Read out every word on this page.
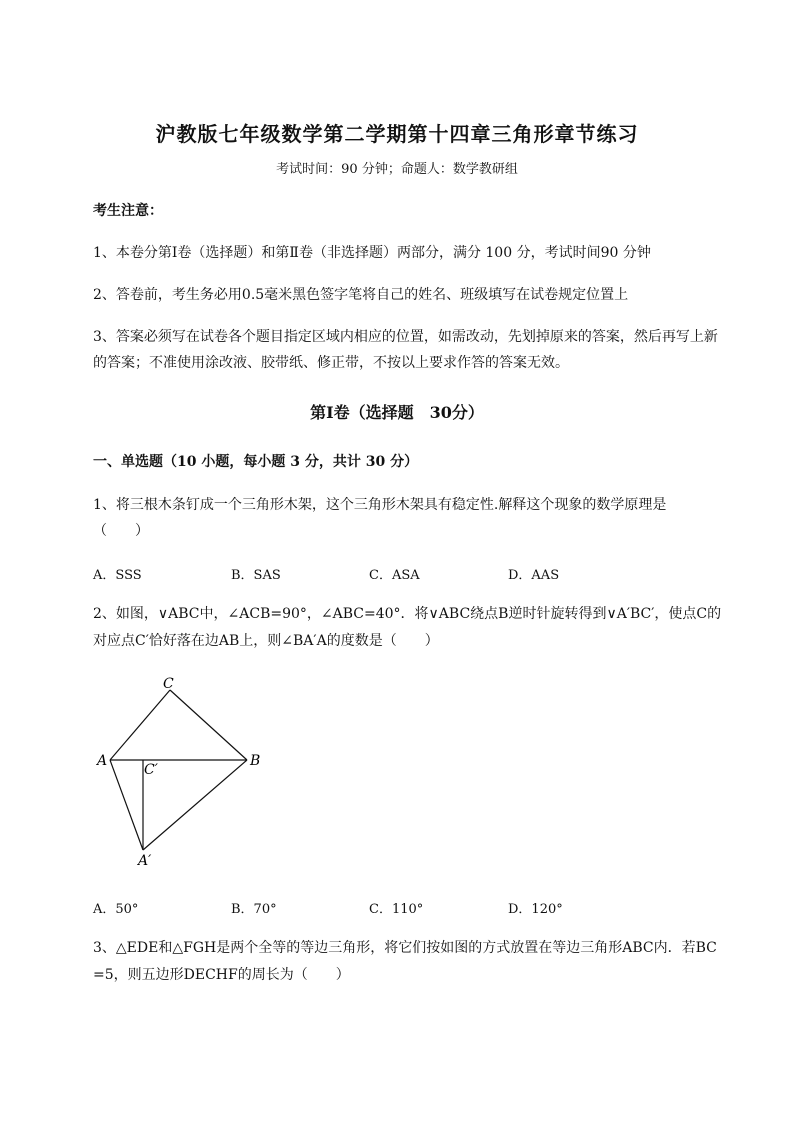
沪教版七年级数学第二学期第十四章三角形章节练习
考试时间：90 分钟；命题人：数学教研组
考生注意：
1、本卷分第Ⅰ卷（选择题）和第Ⅱ卷（非选择题）两部分，满分 100 分，考试时间90 分钟
2、答卷前，考生务必用0.5毫米黑色签字笔将自己的姓名、班级填写在试卷规定位置上
3、答案必须写在试卷各个题目指定区域内相应的位置，如需改动，先划掉原来的答案，然后再写上新
的答案；不准使用涂改液、胶带纸、修正带，不按以上要求作答的答案无效。
第Ⅰ卷（选择题　30分）
一、单选题（10 小题，每小题 3 分，共计 30 分）
1、将三根木条钉成一个三角形木架，这个三角形木架具有稳定性.解释这个现象的数学原理是
（　　）
A．SSS	B．SAS	C．ASA	D．AAS
2、如图，∨ABC中，∠ACB=90°，∠ABC=40°．将∨ABC绕点B逆时针旋转得到∨A′BC′，使点C的
对应点C′恰好落在边AB上，则∠BA′A的度数是（　　）
C
A	B
C′
A′
A．50°	B．70°	C．110°	D．120°
3、△EDE和△FGH是两个全等的等边三角形，将它们按如图的方式放置在等边三角形ABC内．若BC
=5，则五边形DECHF的周长为（　　）
